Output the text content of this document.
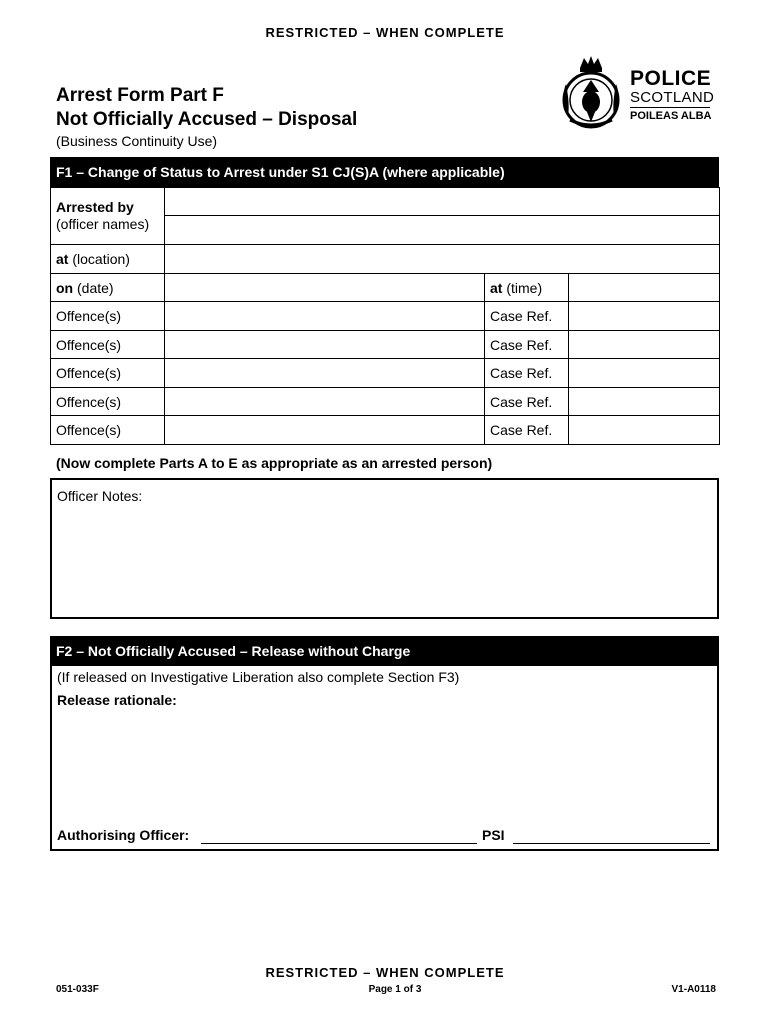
RESTRICTED – WHEN COMPLETE
POLICE
SCOTLAND
POILEAS ALBA
Arrest Form Part F
Not Officially Accused – Disposal
(Business Continuity Use)
F1 – Change of Status to Arrest under S1 CJ(S)A (where applicable)
Arrested by
(officer names)			

at (location)			
on (date)		at (time)	
Offence(s)		Case Ref.	
Offence(s)		Case Ref.	
Offence(s)		Case Ref.	
Offence(s)		Case Ref.	
Offence(s)		Case Ref.	
(Now complete Parts A to E as appropriate as an arrested person)
Officer Notes:
F2 – Not Officially Accused – Release without Charge
(If released on Investigative Liberation also complete Section F3)
Release rationale:
Authorising Officer:	PSI
RESTRICTED – WHEN COMPLETE
051-033F	Page 1 of 3	V1-A0118
